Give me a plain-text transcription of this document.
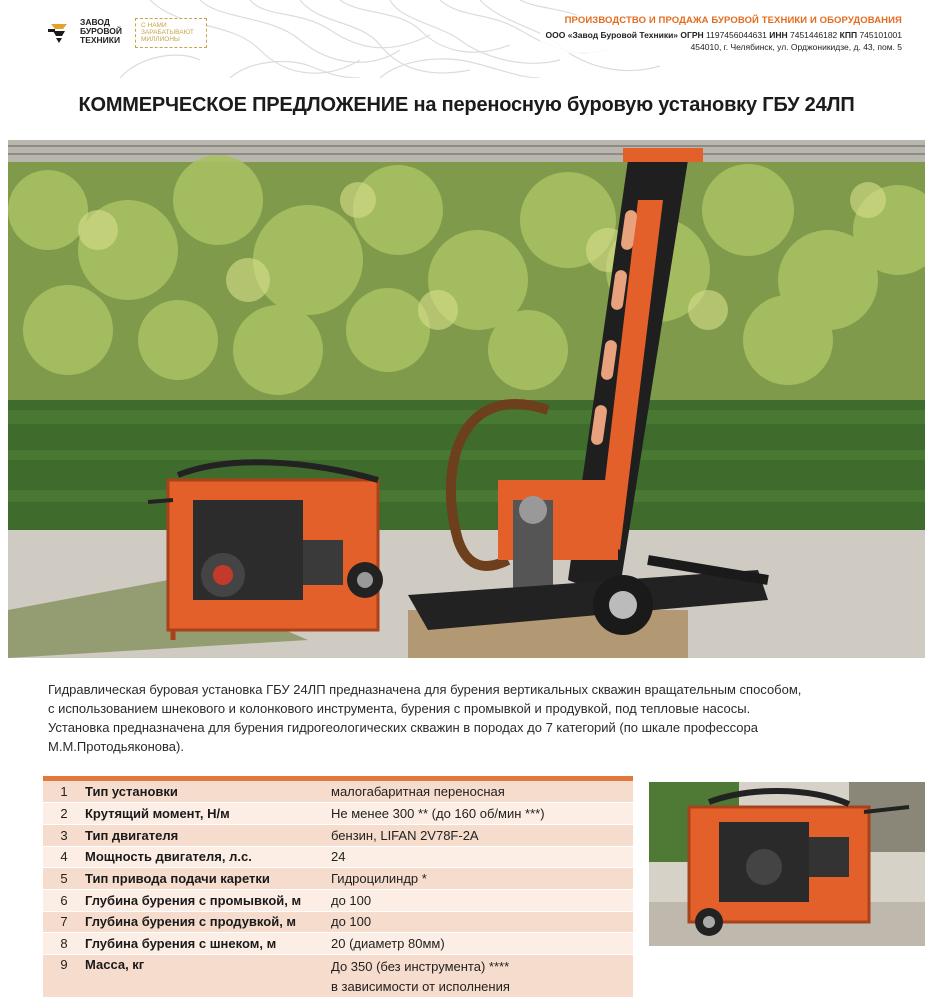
ЗАВОД БУРОВОЙ ТЕХНИКИ
С НАМИ ЗАРАБАТЫВАЮТ МИЛЛИОНЫ
ПРОИЗВОДСТВО И ПРОДАЖА БУРОВОЙ ТЕХНИКИ И ОБОРУДОВАНИЯ
ООО «Завод Буровой Техники» ОГРН 1197456044631 ИНН 7451446182 КПП 745101001
454010, г. Челябинск, ул. Орджоникидзе, д. 43, пом. 5
КОММЕРЧЕСКОЕ ПРЕДЛОЖЕНИЕ на переносную буровую установку ГБУ 24ЛП
Гидравлическая буровая установка ГБУ 24ЛП предназначена для бурения вертикальных скважин вращательным способом,
с использованием шнекового и колонкового инструмента, бурения с промывкой и продувкой, под тепловые насосы.
Установка предназначена для бурения гидрогеологических скважин в породах до 7 категорий (по шкале профессора
М.М.Протодьяконова).

1	Тип установки	малогабаритная переносная
2	Крутящий момент, Н/м	Не менее 300 ** (до 160 об/мин ***)
3	Тип двигателя	бензин, LIFAN 2V78F-2A
4	Мощность двигателя, л.с.	24
5	Тип привода подачи каретки	Гидроцилиндр *
6	Глубина бурения с промывкой, м	до 100
7	Глубина бурения с продувкой, м	до 100
8	Глубина бурения с шнеком, м	20 (диаметр 80мм)
9	Масса, кг	До 350 (без инструмента) ****
в зависимости от исполнения
